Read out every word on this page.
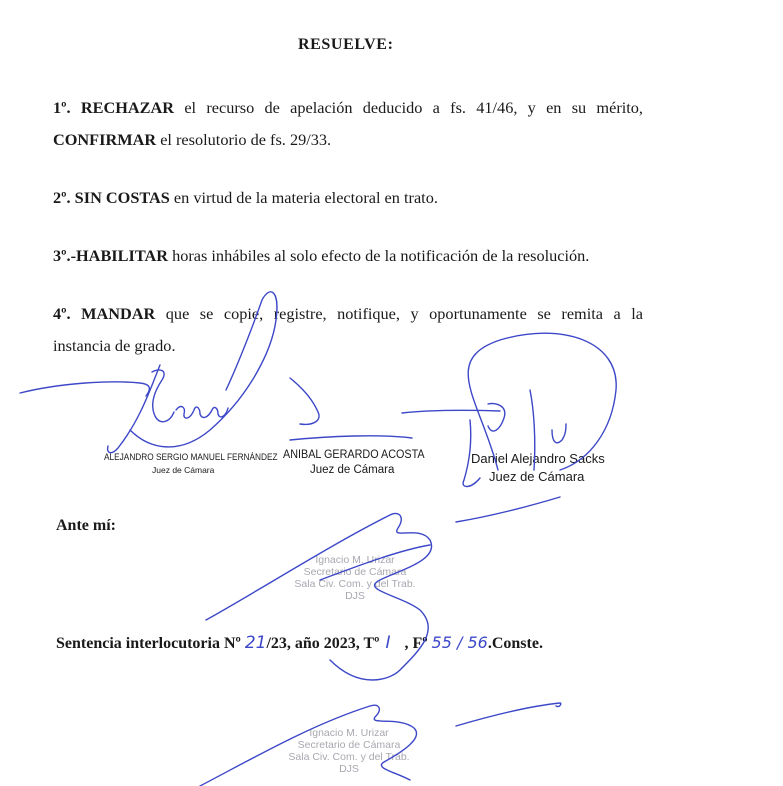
RESUELVE:
1º. RECHAZAR el recurso de apelación deducido a fs. 41/46, y en su mérito,
CONFIRMAR el resolutorio de fs. 29/33.
2º. SIN COSTAS en virtud de la materia electoral en trato.
3º.-HABILITAR horas inhábiles al solo efecto de la notificación de la resolución.
4º. MANDAR que se copie, registre, notifique, y oportunamente se remita a la
instancia de grado.
ALEJANDRO SERGIO MANUEL FERNÁNDEZ
Juez de Cámara
ANIBAL GERARDO ACOSTA
Juez de Cámara
Daniel Alejandro Sacks
Juez de Cámara
Ante mí:
Ignacio M. Urizar
Secretario de Cámara
Sala Civ. Com. y del Trab.
DJS
Sentencia interlocutoria Nº 21/23, año 2023, Tº I , Fº 55 / 56.Conste.
Ignacio M. Urizar
Secretario de Cámara
Sala Civ. Com. y del Trab.
DJS
